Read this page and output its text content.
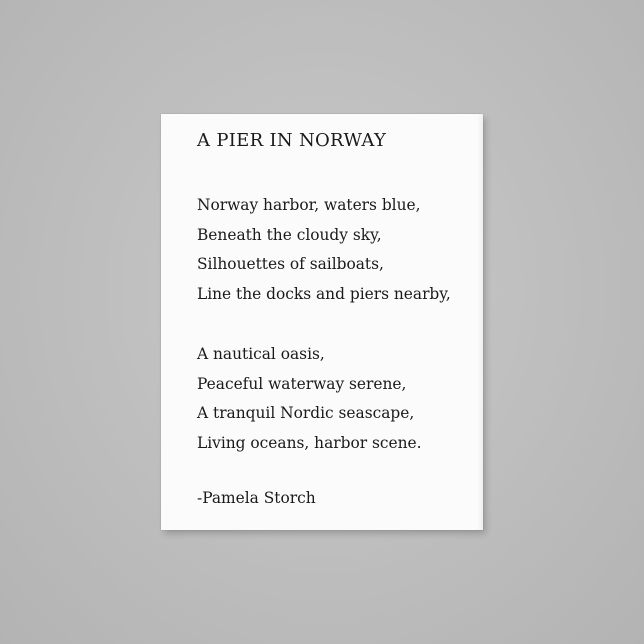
A PIER IN NORWAY
Norway harbor, waters blue,
Beneath the cloudy sky,
Silhouettes of sailboats,
Line the docks and piers nearby,
A nautical oasis,
Peaceful waterway serene,
A tranquil Nordic seascape,
Living oceans, harbor scene.
-Pamela Storch
